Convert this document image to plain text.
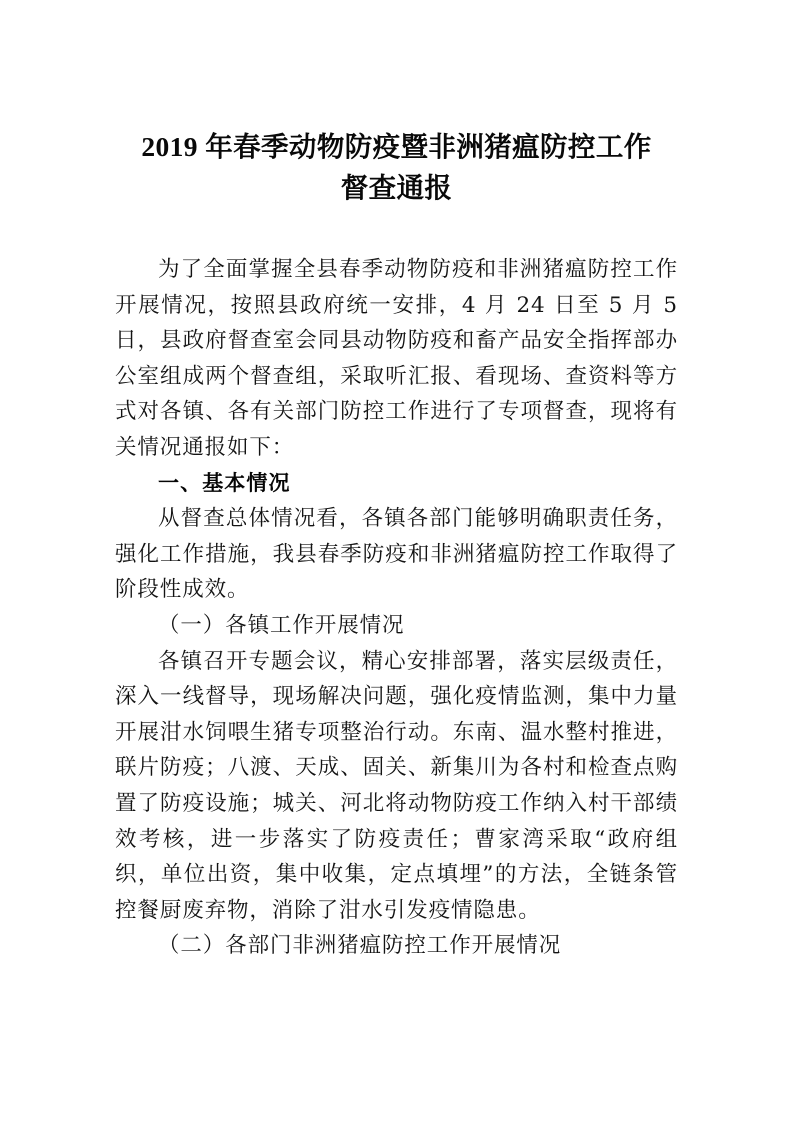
2019 年春季动物防疫暨非洲猪瘟防控工作
督查通报

为了全面掌握全县春季动物防疫和非洲猪瘟防控工作开展情况，按照县政府统一安排，4 月 24 日至 5 月 5 日，县政府督查室会同县动物防疫和畜产品安全指挥部办公室组成两个督查组，采取听汇报、看现场、查资料等方式对各镇、各有关部门防控工作进行了专项督查，现将有关情况通报如下：

一、基本情况

从督查总体情况看，各镇各部门能够明确职责任务，强化工作措施，我县春季防疫和非洲猪瘟防控工作取得了阶段性成效。

（一）各镇工作开展情况

各镇召开专题会议，精心安排部署，落实层级责任，深入一线督导，现场解决问题，强化疫情监测，集中力量开展泔水饲喂生猪专项整治行动。东南、温水整村推进，联片防疫；八渡、天成、固关、新集川为各村和检查点购置了防疫设施；城关、河北将动物防疫工作纳入村干部绩效考核，进一步落实了防疫责任；曹家湾采取“政府组织，单位出资，集中收集，定点填埋”的方法，全链条管控餐厨废弃物，消除了泔水引发疫情隐患。

（二）各部门非洲猪瘟防控工作开展情况
